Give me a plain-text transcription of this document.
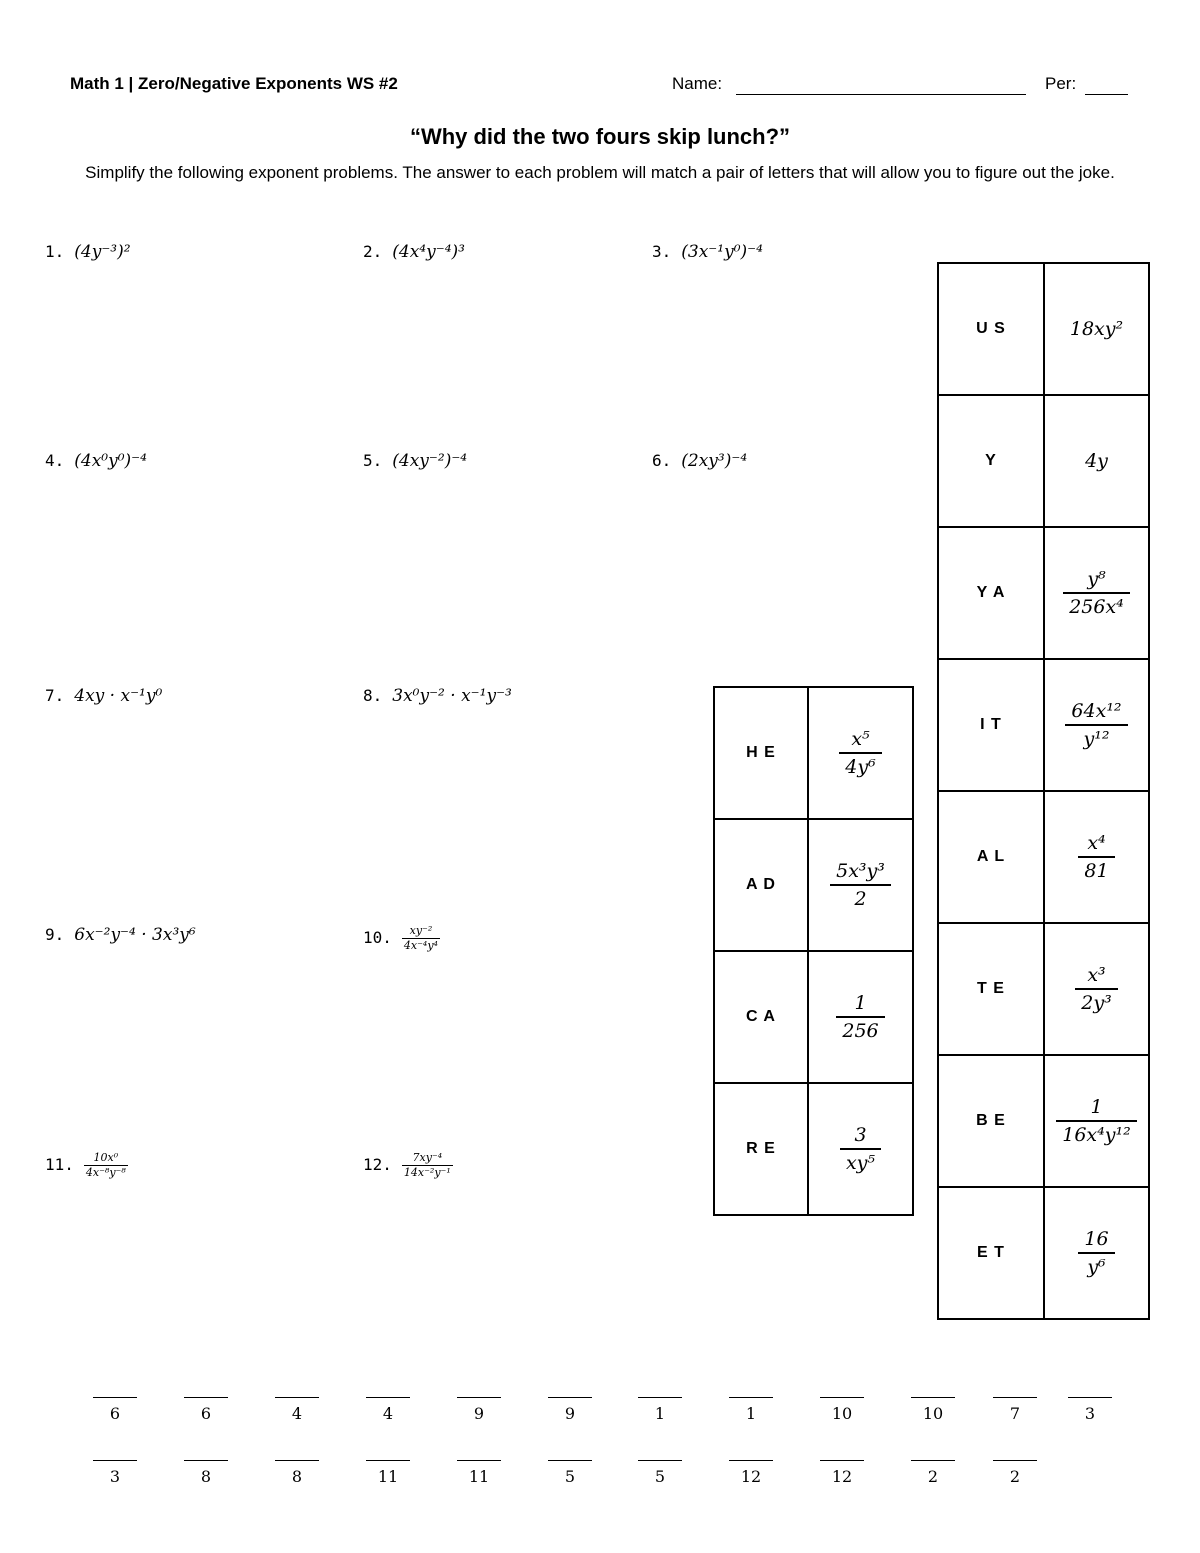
Math 1 | Zero/Negative Exponents WS #2	Name:	Per:
“Why did the two fours skip lunch?”
Simplify the following exponent problems. The answer to each problem will match a pair of letters that will allow you to figure out the joke.
1. (4y⁻³)²	2. (4x⁴y⁻⁴)³	3. (3x⁻¹y⁰)⁻⁴
4. (4x⁰y⁰)⁻⁴	5. (4xy⁻²)⁻⁴	6. (2xy³)⁻⁴
7. 4xy · x⁻¹y⁰	8. 3x⁰y⁻² · x⁻¹y⁻³
9. 6x⁻²y⁻⁴ · 3x³y⁶	10. $\frac{\text{xy⁻²}}{\text{4x⁻⁴y⁴}}$
11. $\frac{\text{10x⁰}}{\text{4x⁻⁸y⁻⁸}}$	12. $\frac{\text{7xy⁻⁴}}{\text{14x⁻²y⁻¹}}$
H E	$\frac{\text{x⁵}}{\text{4y⁶}}$

A D	$\frac{\text{5x³y³}}{2}$

C A	$\frac{1}{256}$

R E	$\frac{3}{\text{xy⁵}}$
U S	18xy²
Y	4y
Y A	$\frac{\text{y⁸}}{\text{256x⁴}}$

I T	$\frac{\text{64x¹²}}{\text{y¹²}}$

A L	$\frac{\text{x⁴}}{81}$

T E	$\frac{\text{x³}}{\text{2y³}}$

B E	$\frac{1}{\text{16x⁴y¹²}}$

E T	$\frac{16}{\text{y⁶}}$
6	6	4	4	9	9	1	1	10	10	7	3
3	8	8	11	11	5	5	12	12	2	2
